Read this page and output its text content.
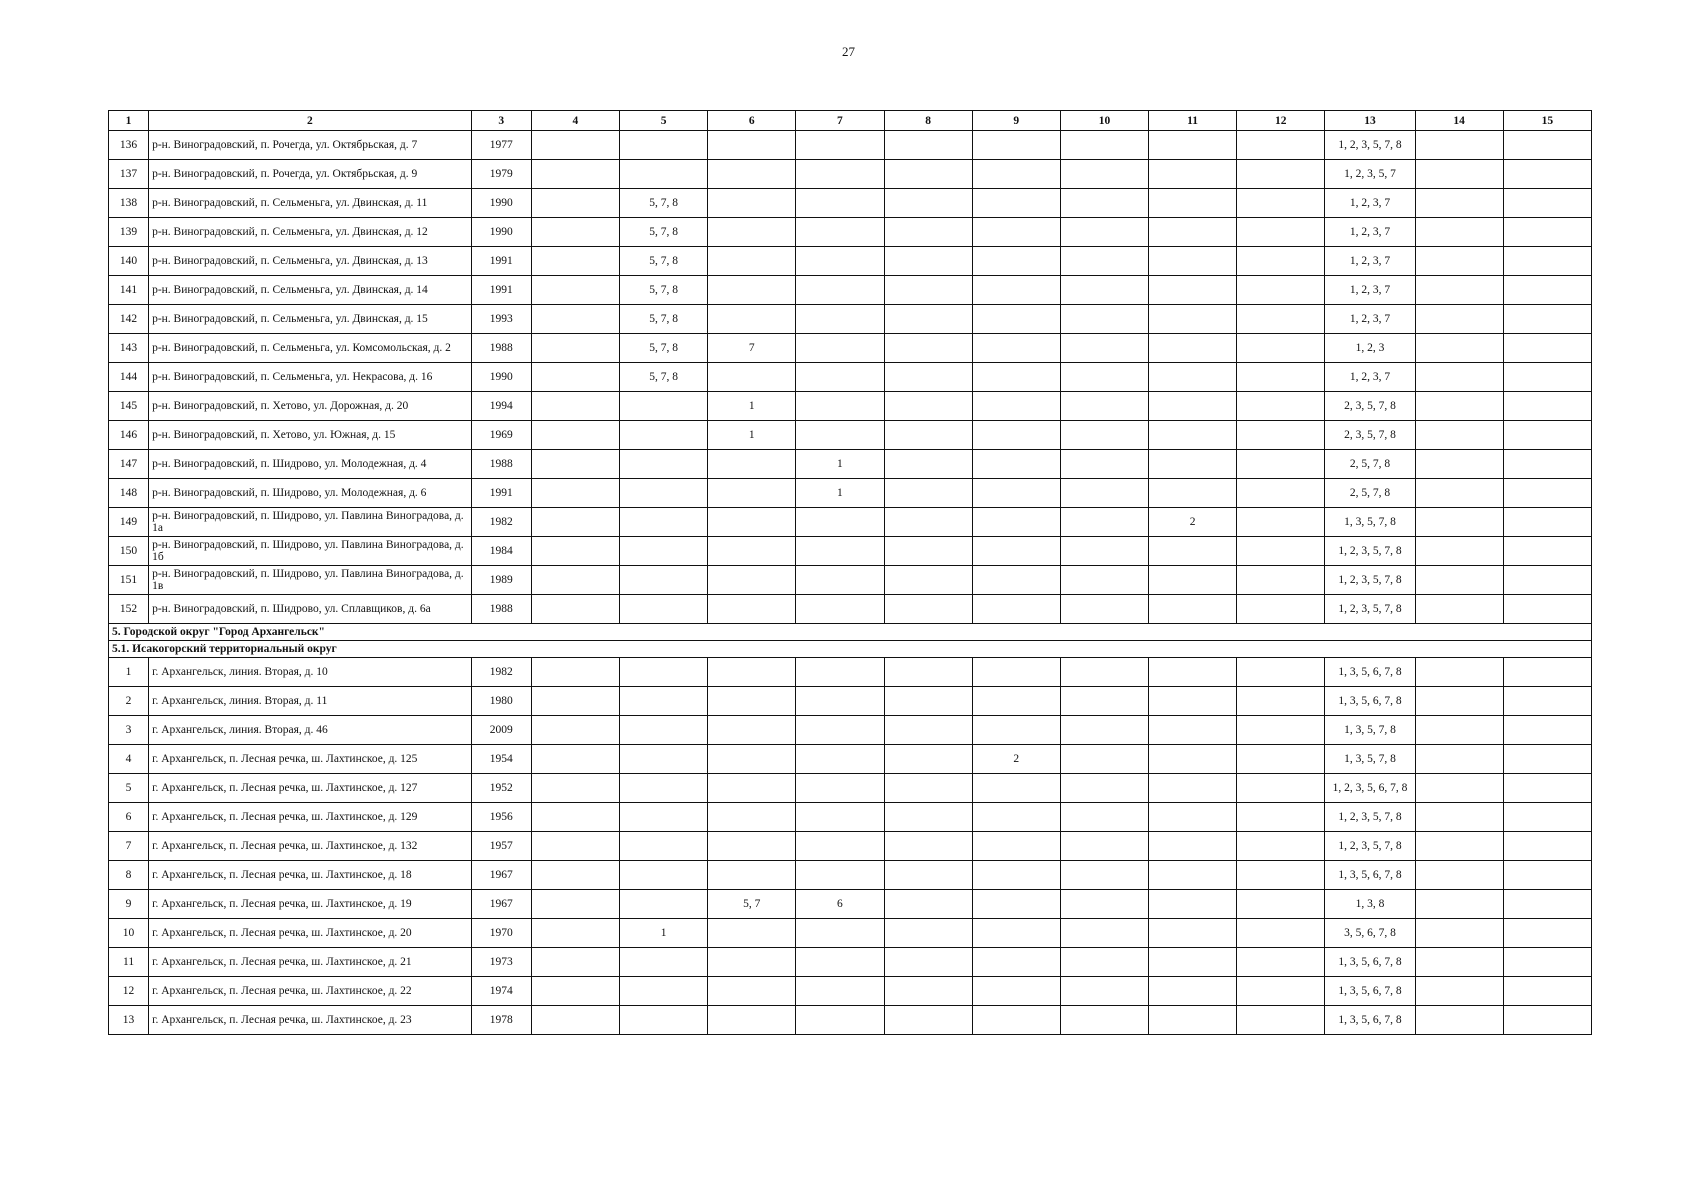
27
1	2	3	4	5	6	7	8	9	10	11	12	13	14	15
136	р-н. Виноградовский, п. Рочегда, ул. Октябрьская, д. 7	1977										1, 2, 3, 5, 7, 8		
137	р-н. Виноградовский, п. Рочегда, ул. Октябрьская, д. 9	1979										1, 2, 3, 5, 7		
138	р-н. Виноградовский, п. Сельменьга, ул. Двинская, д. 11	1990		5, 7, 8								1, 2, 3, 7		
139	р-н. Виноградовский, п. Сельменьга, ул. Двинская, д. 12	1990		5, 7, 8								1, 2, 3, 7		
140	р-н. Виноградовский, п. Сельменьга, ул. Двинская, д. 13	1991		5, 7, 8								1, 2, 3, 7		
141	р-н. Виноградовский, п. Сельменьга, ул. Двинская, д. 14	1991		5, 7, 8								1, 2, 3, 7		
142	р-н. Виноградовский, п. Сельменьга, ул. Двинская, д. 15	1993		5, 7, 8								1, 2, 3, 7		
143	р-н. Виноградовский, п. Сельменьга, ул. Комсомольская, д. 2	1988		5, 7, 8	7							1, 2, 3		
144	р-н. Виноградовский, п. Сельменьга, ул. Некрасова, д. 16	1990		5, 7, 8								1, 2, 3, 7		
145	р-н. Виноградовский, п. Хетово, ул. Дорожная, д. 20	1994			1							2, 3, 5, 7, 8		
146	р-н. Виноградовский, п. Хетово, ул. Южная, д. 15	1969			1							2, 3, 5, 7, 8		
147	р-н. Виноградовский, п. Шидрово, ул. Молодежная, д. 4	1988				1						2, 5, 7, 8		
148	р-н. Виноградовский, п. Шидрово, ул. Молодежная, д. 6	1991				1						2, 5, 7, 8		
149	р-н. Виноградовский, п. Шидрово, ул. Павлина Виноградова, д. 1а	1982								2		1, 3, 5, 7, 8		
150	р-н. Виноградовский, п. Шидрово, ул. Павлина Виноградова, д. 1б	1984										1, 2, 3, 5, 7, 8		
151	р-н. Виноградовский, п. Шидрово, ул. Павлина Виноградова, д. 1в	1989										1, 2, 3, 5, 7, 8		
152	р-н. Виноградовский, п. Шидрово, ул. Сплавщиков, д. 6а	1988										1, 2, 3, 5, 7, 8		
5. Городской округ "Город Архангельск"														
5.1. Исакогорский территориальный округ														
1	г. Архангельск, линия. Вторая, д. 10	1982										1, 3, 5, 6, 7, 8		
2	г. Архангельск, линия. Вторая, д. 11	1980										1, 3, 5, 6, 7, 8		
3	г. Архангельск, линия. Вторая, д. 46	2009										1, 3, 5, 7, 8		
4	г. Архангельск, п. Лесная речка, ш. Лахтинское, д. 125	1954						2				1, 3, 5, 7, 8		
5	г. Архангельск, п. Лесная речка, ш. Лахтинское, д. 127	1952										1, 2, 3, 5, 6, 7, 8		
6	г. Архангельск, п. Лесная речка, ш. Лахтинское, д. 129	1956										1, 2, 3, 5, 7, 8		
7	г. Архангельск, п. Лесная речка, ш. Лахтинское, д. 132	1957										1, 2, 3, 5, 7, 8		
8	г. Архангельск, п. Лесная речка, ш. Лахтинское, д. 18	1967										1, 3, 5, 6, 7, 8		
9	г. Архангельск, п. Лесная речка, ш. Лахтинское, д. 19	1967			5, 7	6						1, 3, 8		
10	г. Архангельск, п. Лесная речка, ш. Лахтинское, д. 20	1970		1								3, 5, 6, 7, 8		
11	г. Архангельск, п. Лесная речка, ш. Лахтинское, д. 21	1973										1, 3, 5, 6, 7, 8		
12	г. Архангельск, п. Лесная речка, ш. Лахтинское, д. 22	1974										1, 3, 5, 6, 7, 8		
13	г. Архангельск, п. Лесная речка, ш. Лахтинское, д. 23	1978										1, 3, 5, 6, 7, 8		
